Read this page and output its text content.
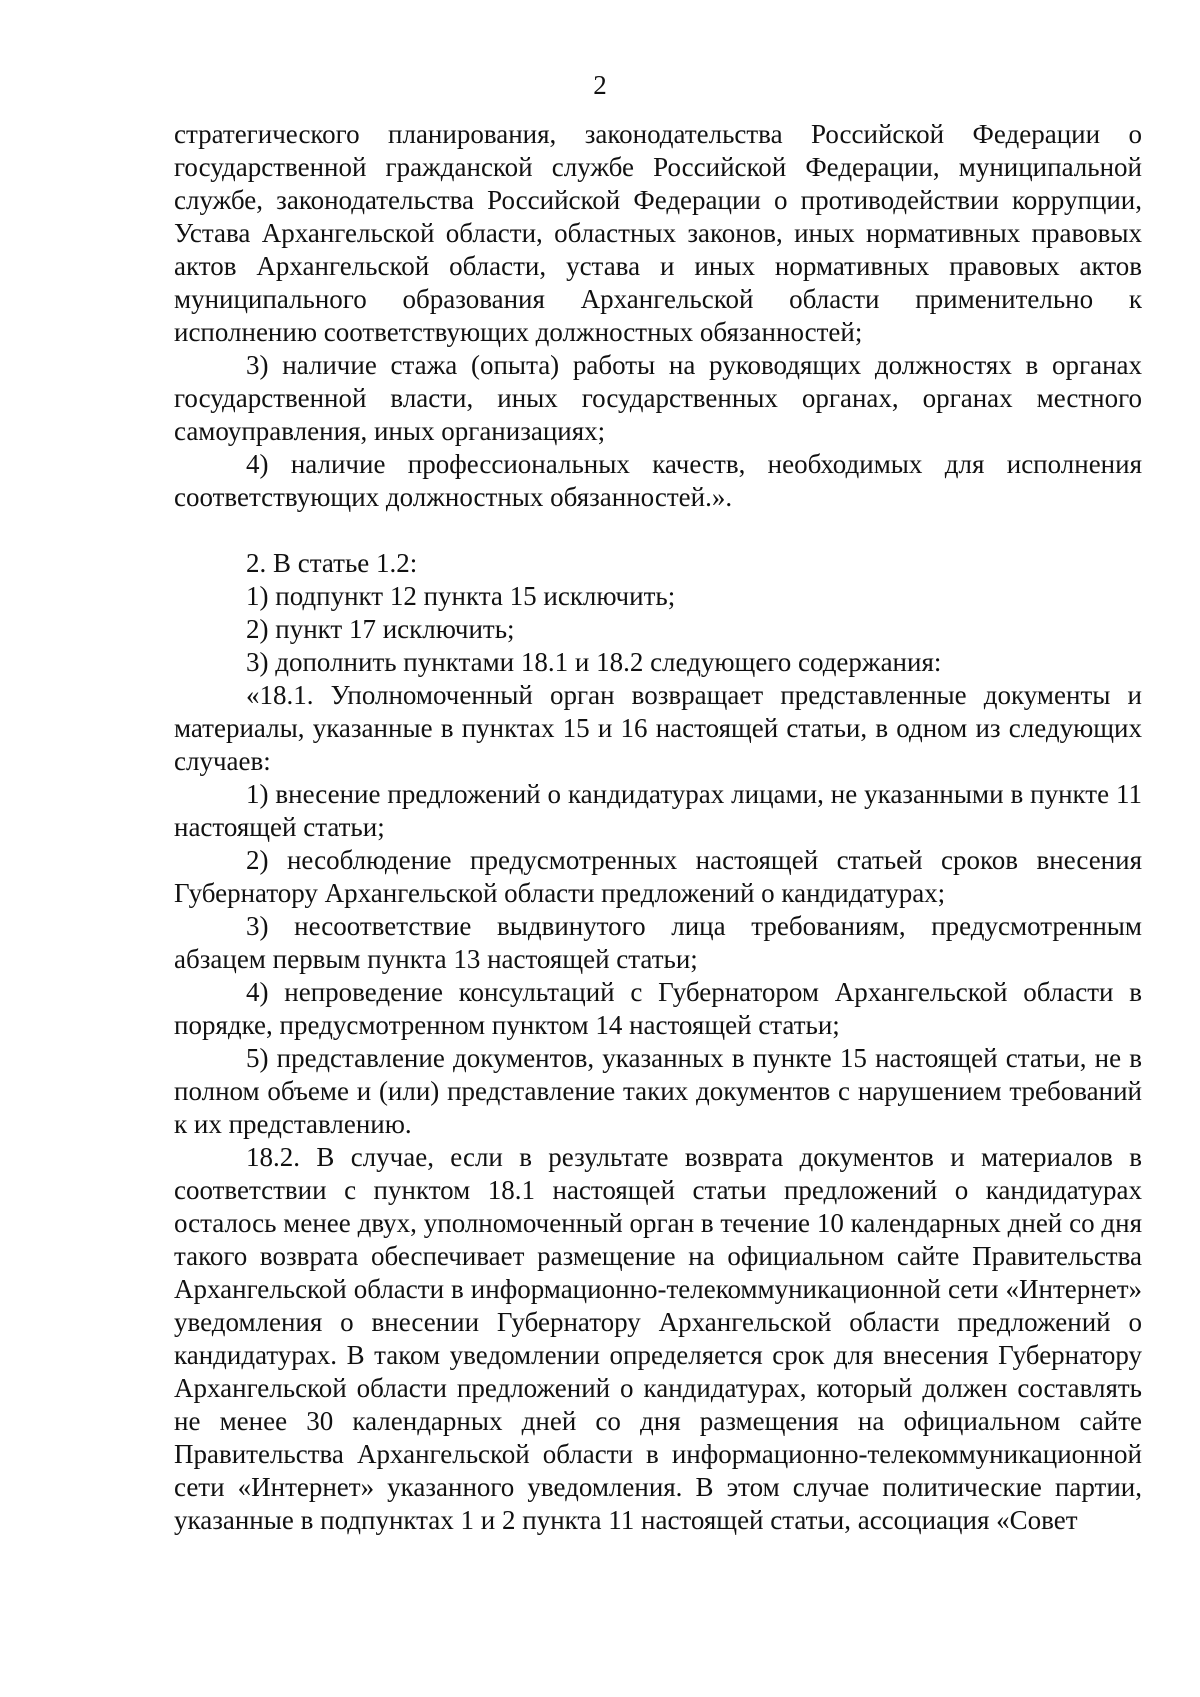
2

стратегического планирования, законодательства Российской Федерации о государственной гражданской службе Российской Федерации, муниципальной службе, законодательства Российской Федерации о противодействии коррупции, Устава Архангельской области, областных законов, иных нормативных правовых актов Архангельской области, устава и иных нормативных правовых актов муниципального образования Архангельской области применительно к исполнению соответствующих должностных обязанностей;

3) наличие стажа (опыта) работы на руководящих должностях в органах государственной власти, иных государственных органах, органах местного самоуправления, иных организациях;

4) наличие профессиональных качеств, необходимых для исполнения соответствующих должностных обязанностей.».

2. В статье 1.2:

1) подпункт 12 пункта 15 исключить;

2) пункт 17 исключить;

3) дополнить пунктами 18.1 и 18.2 следующего содержания:

«18.1. Уполномоченный орган возвращает представленные документы и материалы, указанные в пунктах 15 и 16 настоящей статьи, в одном из следующих случаев:

1) внесение предложений о кандидатурах лицами, не указанными в пункте 11 настоящей статьи;

2) несоблюдение предусмотренных настоящей статьей сроков внесения Губернатору Архангельской области предложений о кандидатурах;

3) несоответствие выдвинутого лица требованиям, предусмотренным абзацем первым пункта 13 настоящей статьи;

4) непроведение консультаций с Губернатором Архангельской области в порядке, предусмотренном пунктом 14 настоящей статьи;

5) представление документов, указанных в пункте 15 настоящей статьи, не в полном объеме и (или) представление таких документов с нарушением требований к их представлению.

18.2. В случае, если в результате возврата документов и материалов в соответствии с пунктом 18.1 настоящей статьи предложений о кандидатурах осталось менее двух, уполномоченный орган в течение 10 календарных дней со дня такого возврата обеспечивает размещение на официальном сайте Правительства Архангельской области в информационно-телекоммуникационной сети «Интернет» уведомления о внесении Губернатору Архангельской области предложений о кандидатурах. В таком уведомлении определяется срок для внесения Губернатору Архангельской области предложений о кандидатурах, который должен составлять не менее 30 календарных дней со дня размещения на официальном сайте Правительства Архангельской области в информационно-телекоммуникационной сети «Интернет» указанного уведомления. В этом случае политические партии, указанные в подпунктах 1 и 2 пункта 11 настоящей статьи, ассоциация «Совет
